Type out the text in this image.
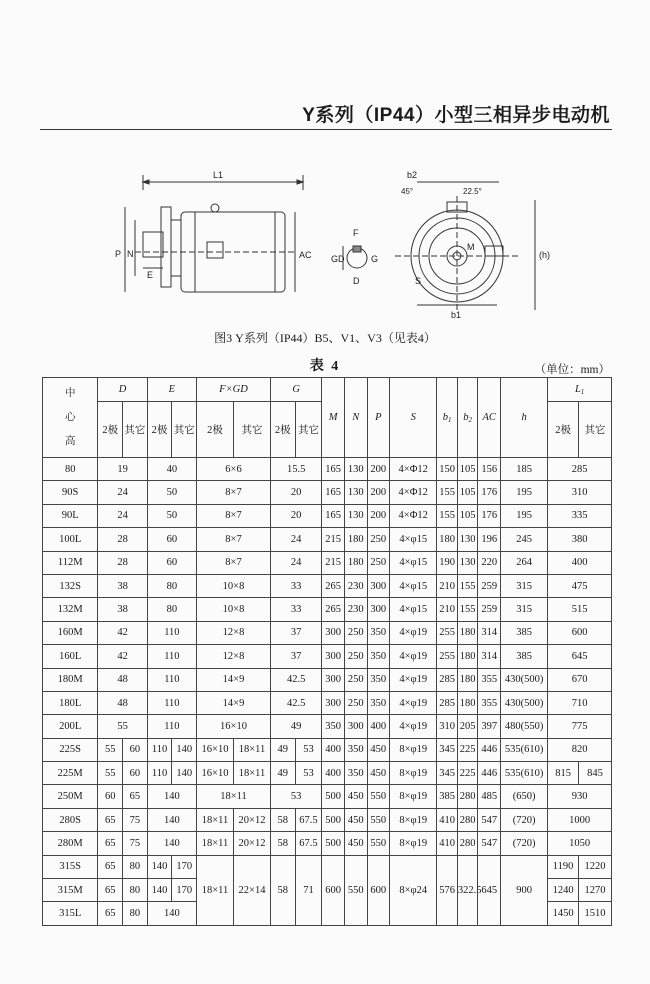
Y系列（IP44）小型三相异步电动机
L1
P N
E
AC GD
F
D
G
b2
45°	22.5°
M
S
b1
(h)
图3 Y系列（IP44）B5、V1、V3（见表4）
表 4	（单位：mm）
中
心
高	D		E		F×GD		G		M	N	P	S	$b_1$	$b_2$	AC	h	$L_1$
	2极	其它	2极	其它	2极	其它	2极	其它									2极	其它
80	19		40		6×6		15.5		165	130	200	4×Φ12	150	105	156	185	285	
90S	24		50		8×7		20		165	130	200	4×Φ12	155	105	176	195	310	
90L	24		50		8×7		20		165	130	200	4×Φ12	155	105	176	195	335	
100L	28		60		8×7		24		215	180	250	4×φ15	180	130	196	245	380	
112M	28		60		8×7		24		215	180	250	4×φ15	190	130	220	264	400	
132S	38		80		10×8		33		265	230	300	4×φ15	210	155	259	315	475	
132M	38		80		10×8		33		265	230	300	4×φ15	210	155	259	315	515	
160M	42		110		12×8		37		300	250	350	4×φ19	255	180	314	385	600	
160L	42		110		12×8		37		300	250	350	4×φ19	255	180	314	385	645	
180M	48		110		14×9		42.5		300	250	350	4×φ19	285	180	355	430(500)	670	
180L	48		110		14×9		42.5		300	250	350	4×φ19	285	180	355	430(500)	710	
200L	55		110		16×10		49		350	300	400	4×φ19	310	205	397	480(550)	775	
225S	55	60	110	140	16×10	18×11	49	53	400	350	450	8×φ19	345	225	446	535(610)	820	
225M	55	60	110	140	16×10	18×11	49	53	400	350	450	8×φ19	345	225	446	535(610)	815	845
250M	60	65	140		18×11		53		500	450	550	8×φ19	385	280	485	(650)	930	
280S	65	75	140		18×11	20×12	58	67.5	500	450	550	8×φ19	410	280	547	(720)	1000	
280M	65	75	140		18×11	20×12	58	67.5	500	450	550	8×φ19	410	280	547	(720)	1050	
315S	65	80	140	170	18×11	22×14	58	71	600	550	600	8×φ24	576	322.5	645	900	1190	1220
315M	65	80	140	170													1240	1270
315L	65	80	140														1450	1510
